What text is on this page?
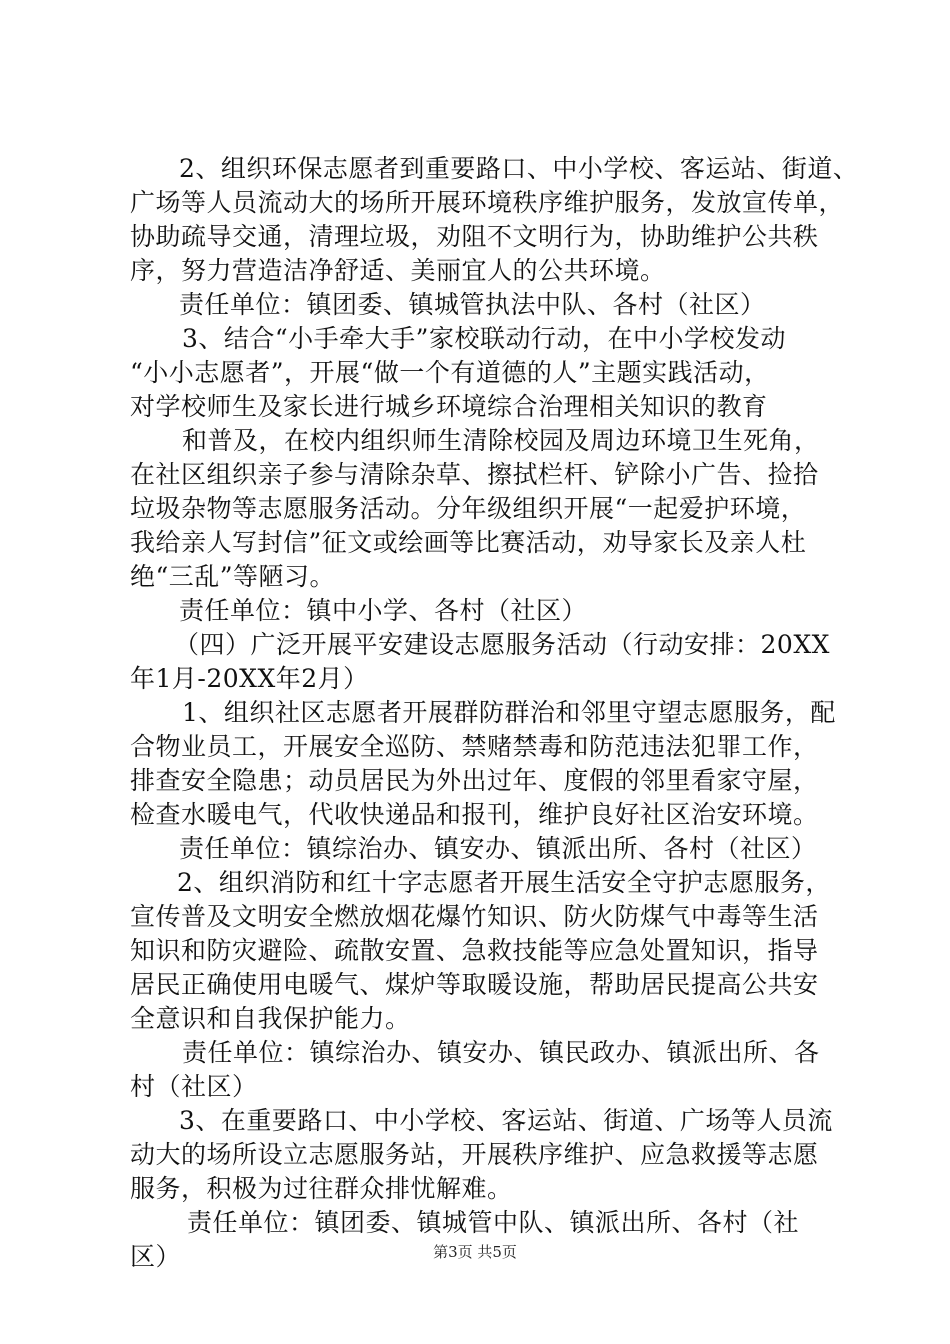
2、组织环保志愿者到重要路口、中小学校、客运站、街道、
广场等人员流动大的场所开展环境秩序维护服务，发放宣传单，
协助疏导交通，清理垃圾，劝阻不文明行为，协助维护公共秩
序，努力营造洁净舒适、美丽宜人的公共环境。
责任单位：镇团委、镇城管执法中队、各村（社区）
3、结合“小手牵大手”家校联动行动，在中小学校发动
“小小志愿者”，开展“做一个有道德的人”主题实践活动，
对学校师生及家长进行城乡环境综合治理相关知识的教育
和普及，在校内组织师生清除校园及周边环境卫生死角，
在社区组织亲子参与清除杂草、擦拭栏杆、铲除小广告、捡拾
垃圾杂物等志愿服务活动。分年级组织开展“一起爱护环境，
我给亲人写封信”征文或绘画等比赛活动，劝导家长及亲人杜
绝“三乱”等陋习。
责任单位：镇中小学、各村（社区）
（四）广泛开展平安建设志愿服务活动（行动安排：20XX
年1月-20XX年2月）
1、组织社区志愿者开展群防群治和邻里守望志愿服务，配
合物业员工，开展安全巡防、禁赌禁毒和防范违法犯罪工作，
排查安全隐患；动员居民为外出过年、度假的邻里看家守屋，
检查水暖电气，代收快递品和报刊，维护良好社区治安环境。
责任单位：镇综治办、镇安办、镇派出所、各村（社区）
2、组织消防和红十字志愿者开展生活安全守护志愿服务，
宣传普及文明安全燃放烟花爆竹知识、防火防煤气中毒等生活
知识和防灾避险、疏散安置、急救技能等应急处置知识，指导
居民正确使用电暖气、煤炉等取暖设施，帮助居民提高公共安
全意识和自我保护能力。
责任单位：镇综治办、镇安办、镇民政办、镇派出所、各
村（社区）
3、在重要路口、中小学校、客运站、街道、广场等人员流
动大的场所设立志愿服务站，开展秩序维护、应急救援等志愿
服务，积极为过往群众排忧解难。
责任单位：镇团委、镇城管中队、镇派出所、各村（社
区）	第3页 共5页
